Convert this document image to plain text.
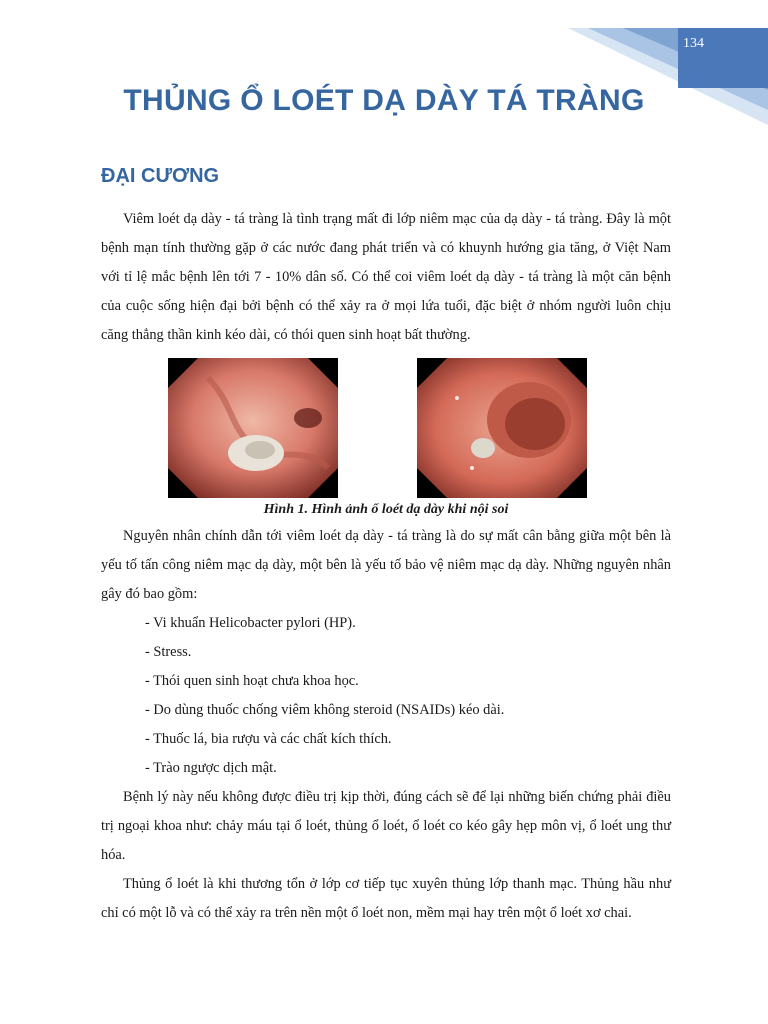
134
THỦNG Ổ LOÉT DẠ DÀY TÁ TRÀNG
ĐẠI CƯƠNG

Viêm loét dạ dày - tá tràng là tình trạng mất đi lớp niêm mạc của dạ dày - tá tràng. Đây là một bệnh mạn tính thường gặp ở các nước đang phát triển và có khuynh hướng gia tăng, ở Việt Nam với tỉ lệ mắc bệnh lên tới 7 - 10% dân số. Có thể coi viêm loét dạ dày - tá tràng là một căn bệnh của cuộc sống hiện đại bởi bệnh có thể xảy ra ở mọi lứa tuổi, đặc biệt ở nhóm người luôn chịu căng thẳng thần kinh kéo dài, có thói quen sinh hoạt bất thường.

Hình 1. Hình ảnh ổ loét dạ dày khi nội soi

Nguyên nhân chính dẫn tới viêm loét dạ dày - tá tràng là do sự mất cân bằng giữa một bên là yếu tố tấn công niêm mạc dạ dày, một bên là yếu tố bảo vệ niêm mạc dạ dày. Những nguyên nhân gây đó bao gồm:

- Vi khuẩn Helicobacter pylori (HP).
- Stress.
- Thói quen sinh hoạt chưa khoa học.
- Do dùng thuốc chống viêm không steroid (NSAIDs) kéo dài.
- Thuốc lá, bia rượu và các chất kích thích.
- Trào ngược dịch mật.

Bệnh lý này nếu không được điều trị kịp thời, đúng cách sẽ để lại những biến chứng phải điều trị ngoại khoa như: chảy máu tại ổ loét, thủng ổ loét, ổ loét co kéo gây hẹp môn vị, ổ loét ung thư hóa.

Thủng ổ loét là khi thương tổn ở lớp cơ tiếp tục xuyên thủng lớp thanh mạc. Thủng hầu như chỉ có một lỗ và có thể xảy ra trên nền một ổ loét non, mềm mại hay trên một ổ loét xơ chai.
